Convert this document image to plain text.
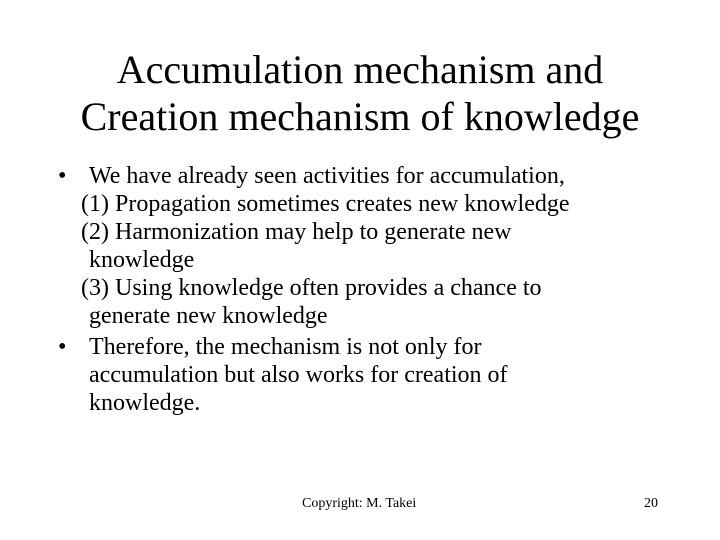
Accumulation mechanism and
Creation mechanism of knowledge
• We have already seen activities for accumulation,
(1) Propagation sometimes creates new knowledge
(2) Harmonization may help to generate new
knowledge
(3) Using knowledge often provides a chance to
generate new knowledge
• Therefore, the mechanism is not only for
accumulation but also works for creation of
knowledge.
Copyright: M. Takei	20
